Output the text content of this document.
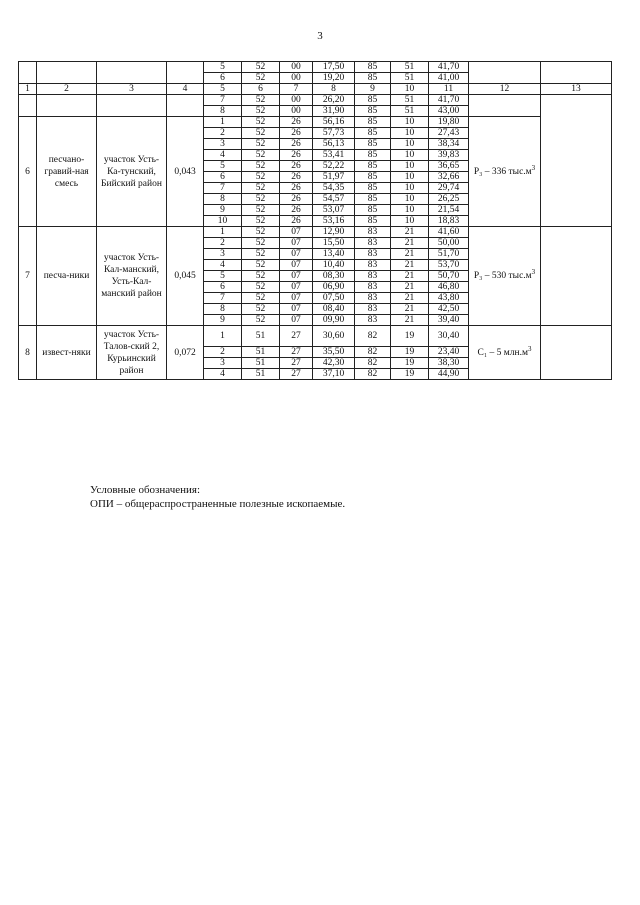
3
				5	52	00	17,50	85	51	41,70		
				6	52	00	19,20	85	51	41,00		
1	2	3	4	5	6	7	8	9	10	11	12	13
				7	52	00	26,20	85	51	41,70		
				8	52	00	31,90	85	51	43,00		
6	песчано-гравий-ная смесь	участок Усть-Ка-тунский, Бийский район	0,043	1	52	26	56,16	85	10	19,80	Р₃ – 336 $тыс.м^3$
				2	52	26	57,73	85	10	27,43		
				3	52	26	56,13	85	10	38,34		
				4	52	26	53,41	85	10	39,83		
				5	52	26	52,22	85	10	36,65		
				6	52	26	51,97	85	10	32,66		
				7	52	26	54,35	85	10	29,74		
				8	52	26	54,57	85	10	26,25		
				9	52	26	53,07	85	10	21,54		
				10	52	26	53,16	85	10	18,83		
7	песча-ники	участок Усть-Кал-манский, Усть-Кал-манский район	0,045	1	52	07	12,90	83	21	41,60	Р₃ – 530 $тыс.м^3$	
				2	52	07	15,50	83	21	50,00		
				3	52	07	13,40	83	21	51,70		
				4	52	07	10,40	83	21	53,70		
				5	52	07	08,30	83	21	50,70		
				6	52	07	06,90	83	21	46,80		
				7	52	07	07,50	83	21	43,80		
				8	52	07	08,40	83	21	42,50		
				9	52	07	09,90	83	21	39,40		
8	извест-няки	участок Усть-Талов-ский 2, Курьинский район	0,072	1	51	27	30,60	82	19	30,40	С₁ – 5 $млн.м^3$	
				2	51	27	35,50	82	19	23,40		
				3	51	27	42,30	82	19	38,30		
				4	51	27	37,10	82	19	44,90		
Условные обозначения:
ОПИ – общераспространенные полезные ископаемые.
